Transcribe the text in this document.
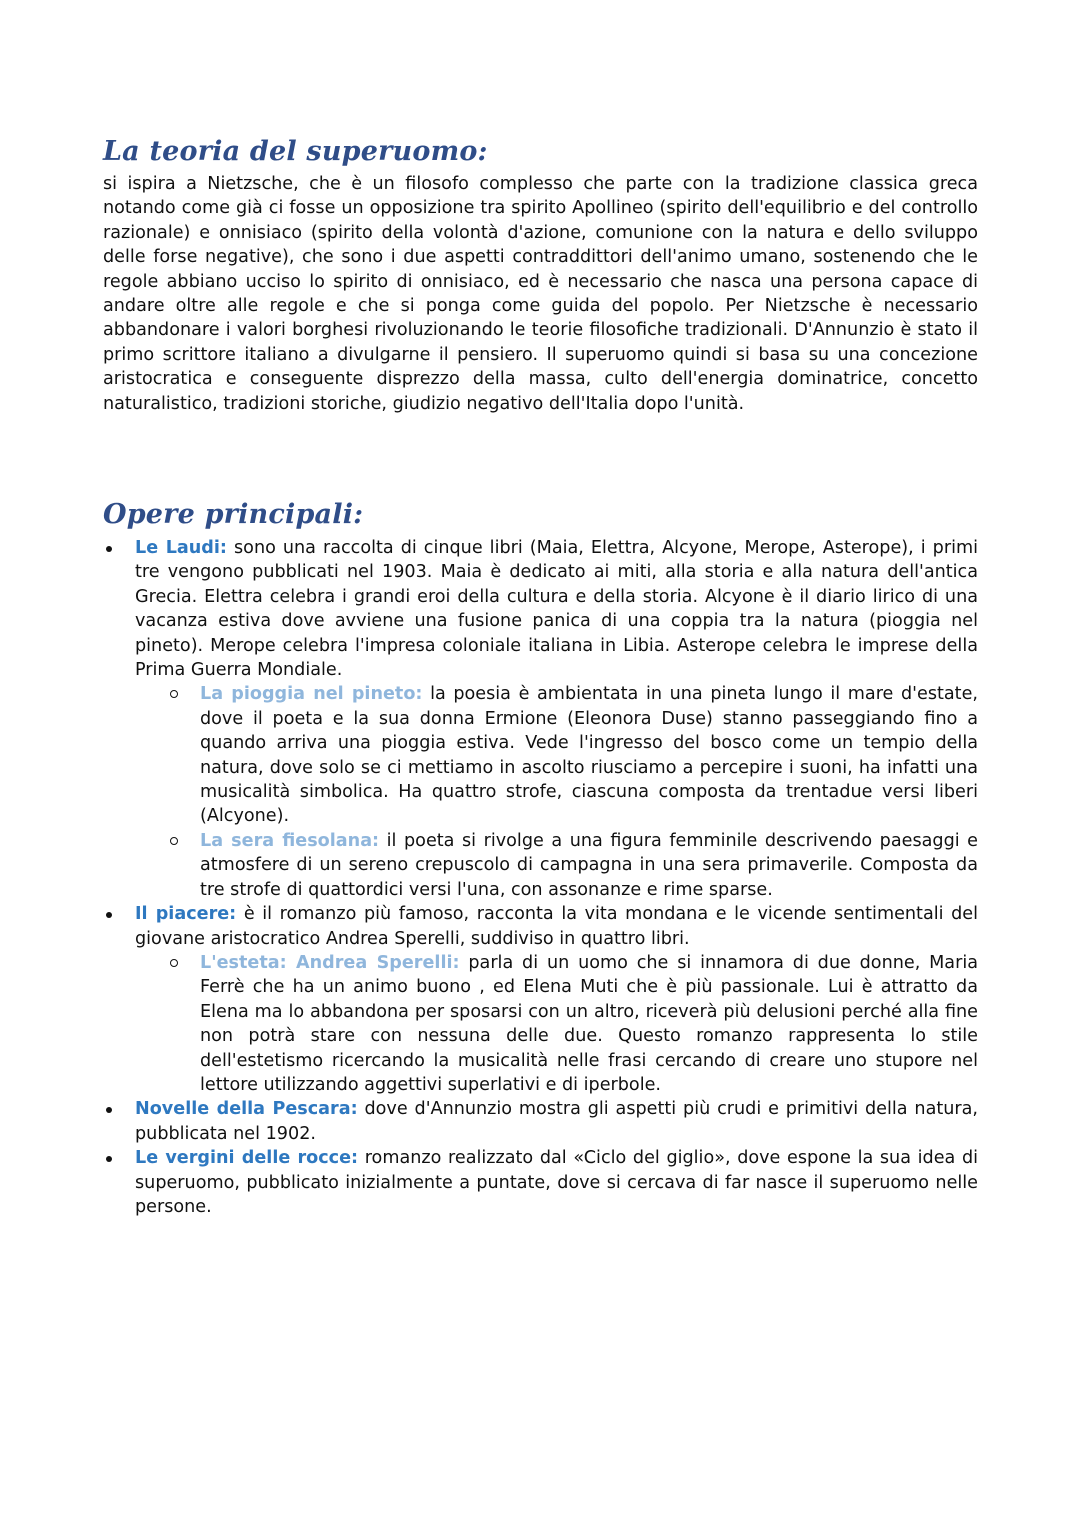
La teoria del superuomo:

si ispira a Nietzsche, che è un filosofo complesso che parte con la tradizione classica greca notando come già ci fosse un opposizione tra spirito Apollineo (spirito dell'equilibrio e del controllo razionale) e onnisiaco (spirito della volontà d'azione, comunione con la natura e dello sviluppo delle forse negative), che sono i due aspetti contraddittori dell'animo umano, sostenendo che le regole abbiano ucciso lo spirito di onnisiaco, ed è necessario che nasca una persona capace di andare oltre alle regole e che si ponga come guida del popolo. Per Nietzsche è necessario abbandonare i valori borghesi rivoluzionando le teorie filosofiche tradizionali. D'Annunzio è stato il primo scrittore italiano a divulgarne il pensiero. Il superuomo quindi si basa su una concezione aristocratica e conseguente disprezzo della massa, culto dell'energia dominatrice, concetto naturalistico, tradizioni storiche, giudizio negativo dell'Italia dopo l'unità.

Opere principali:
Le Laudi: sono una raccolta di cinque libri (Maia, Elettra, Alcyone, Merope, Asterope), i primi tre vengono pubblicati nel 1903. Maia è dedicato ai miti, alla storia e alla natura dell'antica Grecia. Elettra celebra i grandi eroi della cultura e della storia. Alcyone è il diario lirico di una vacanza estiva dove avviene una fusione panica di una coppia tra la natura (pioggia nel pineto). Merope celebra l'impresa coloniale italiana in Libia. Asterope celebra le imprese della Prima Guerra Mondiale.
La pioggia nel pineto: la poesia è ambientata in una pineta lungo il mare d'estate, dove il poeta e la sua donna Ermione (Eleonora Duse) stanno passeggiando fino a quando arriva una pioggia estiva. Vede l'ingresso del bosco come un tempio della natura, dove solo se ci mettiamo in ascolto riusciamo a percepire i suoni, ha infatti una musicalità simbolica. Ha quattro strofe, ciascuna composta da trentadue versi liberi (Alcyone).
La sera fiesolana: il poeta si rivolge a una figura femminile descrivendo paesaggi e atmosfere di un sereno crepuscolo di campagna in una sera primaverile. Composta da tre strofe di quattordici versi l'una, con assonanze e rime sparse.
Il piacere: è il romanzo più famoso, racconta la vita mondana e le vicende sentimentali del giovane aristocratico Andrea Sperelli, suddiviso in quattro libri.
L'esteta: Andrea Sperelli: parla di un uomo che si innamora di due donne, Maria Ferrè che ha un animo buono , ed Elena Muti che è più passionale. Lui è attratto da Elena ma lo abbandona per sposarsi con un altro, riceverà più delusioni perché alla fine non potrà stare con nessuna delle due. Questo romanzo rappresenta lo stile dell'estetismo ricercando la musicalità nelle frasi cercando di creare uno stupore nel lettore utilizzando aggettivi superlativi e di iperbole.
Novelle della Pescara: dove d'Annunzio mostra gli aspetti più crudi e primitivi della natura, pubblicata nel 1902.
Le vergini delle rocce: romanzo realizzato dal «Ciclo del giglio», dove espone la sua idea di superuomo, pubblicato inizialmente a puntate, dove si cercava di far nasce il superuomo nelle persone.
